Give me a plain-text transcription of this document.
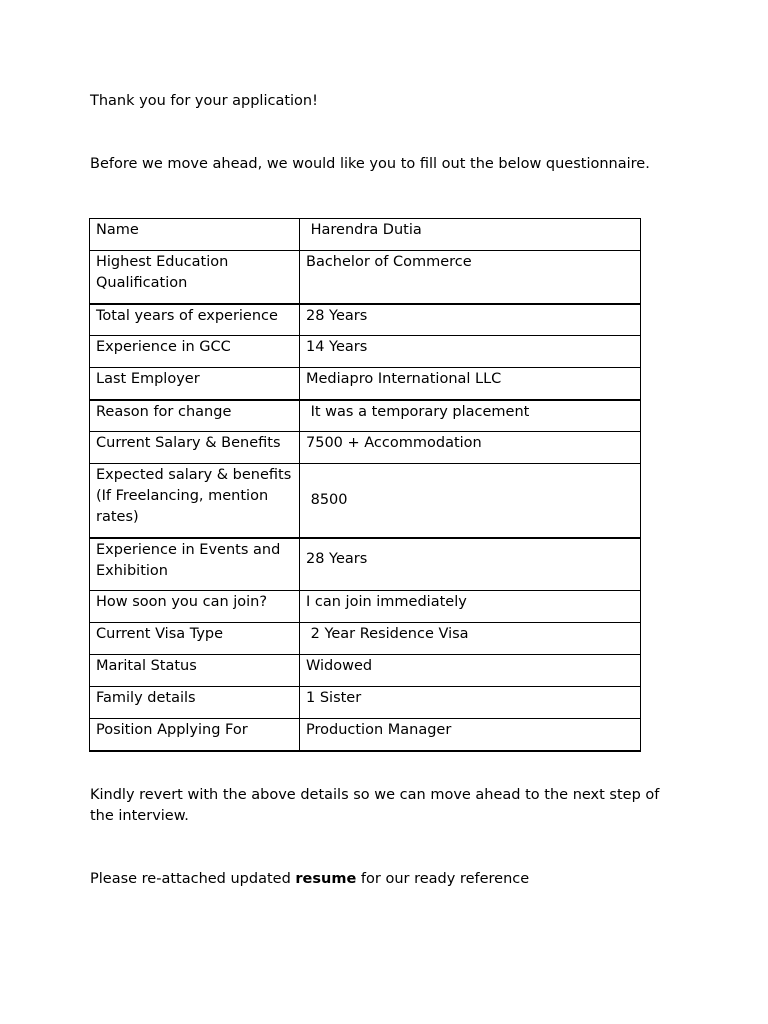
Thank you for your application!

Before we move ahead, we would like you to fill out the below questionnaire.

Name	Harendra Dutia
Highest Education Qualification	Bachelor of Commerce
Total years of experience	28 Years
Experience in GCC	14 Years
Last Employer	Mediapro International LLC
Reason for change	It was a temporary placement
Current Salary & Benefits	7500 + Accommodation
Expected salary & benefits (If Freelancing, mention rates)	8500
Experience in Events and Exhibition	28 Years
How soon you can join?	I can join immediately
Current Visa Type	2 Year Residence Visa
Marital Status	Widowed
Family details	1 Sister
Position Applying For	Production Manager

Kindly revert with the above details so we can move ahead to the next step of the interview.

Please re-attached updated resume for our ready reference
